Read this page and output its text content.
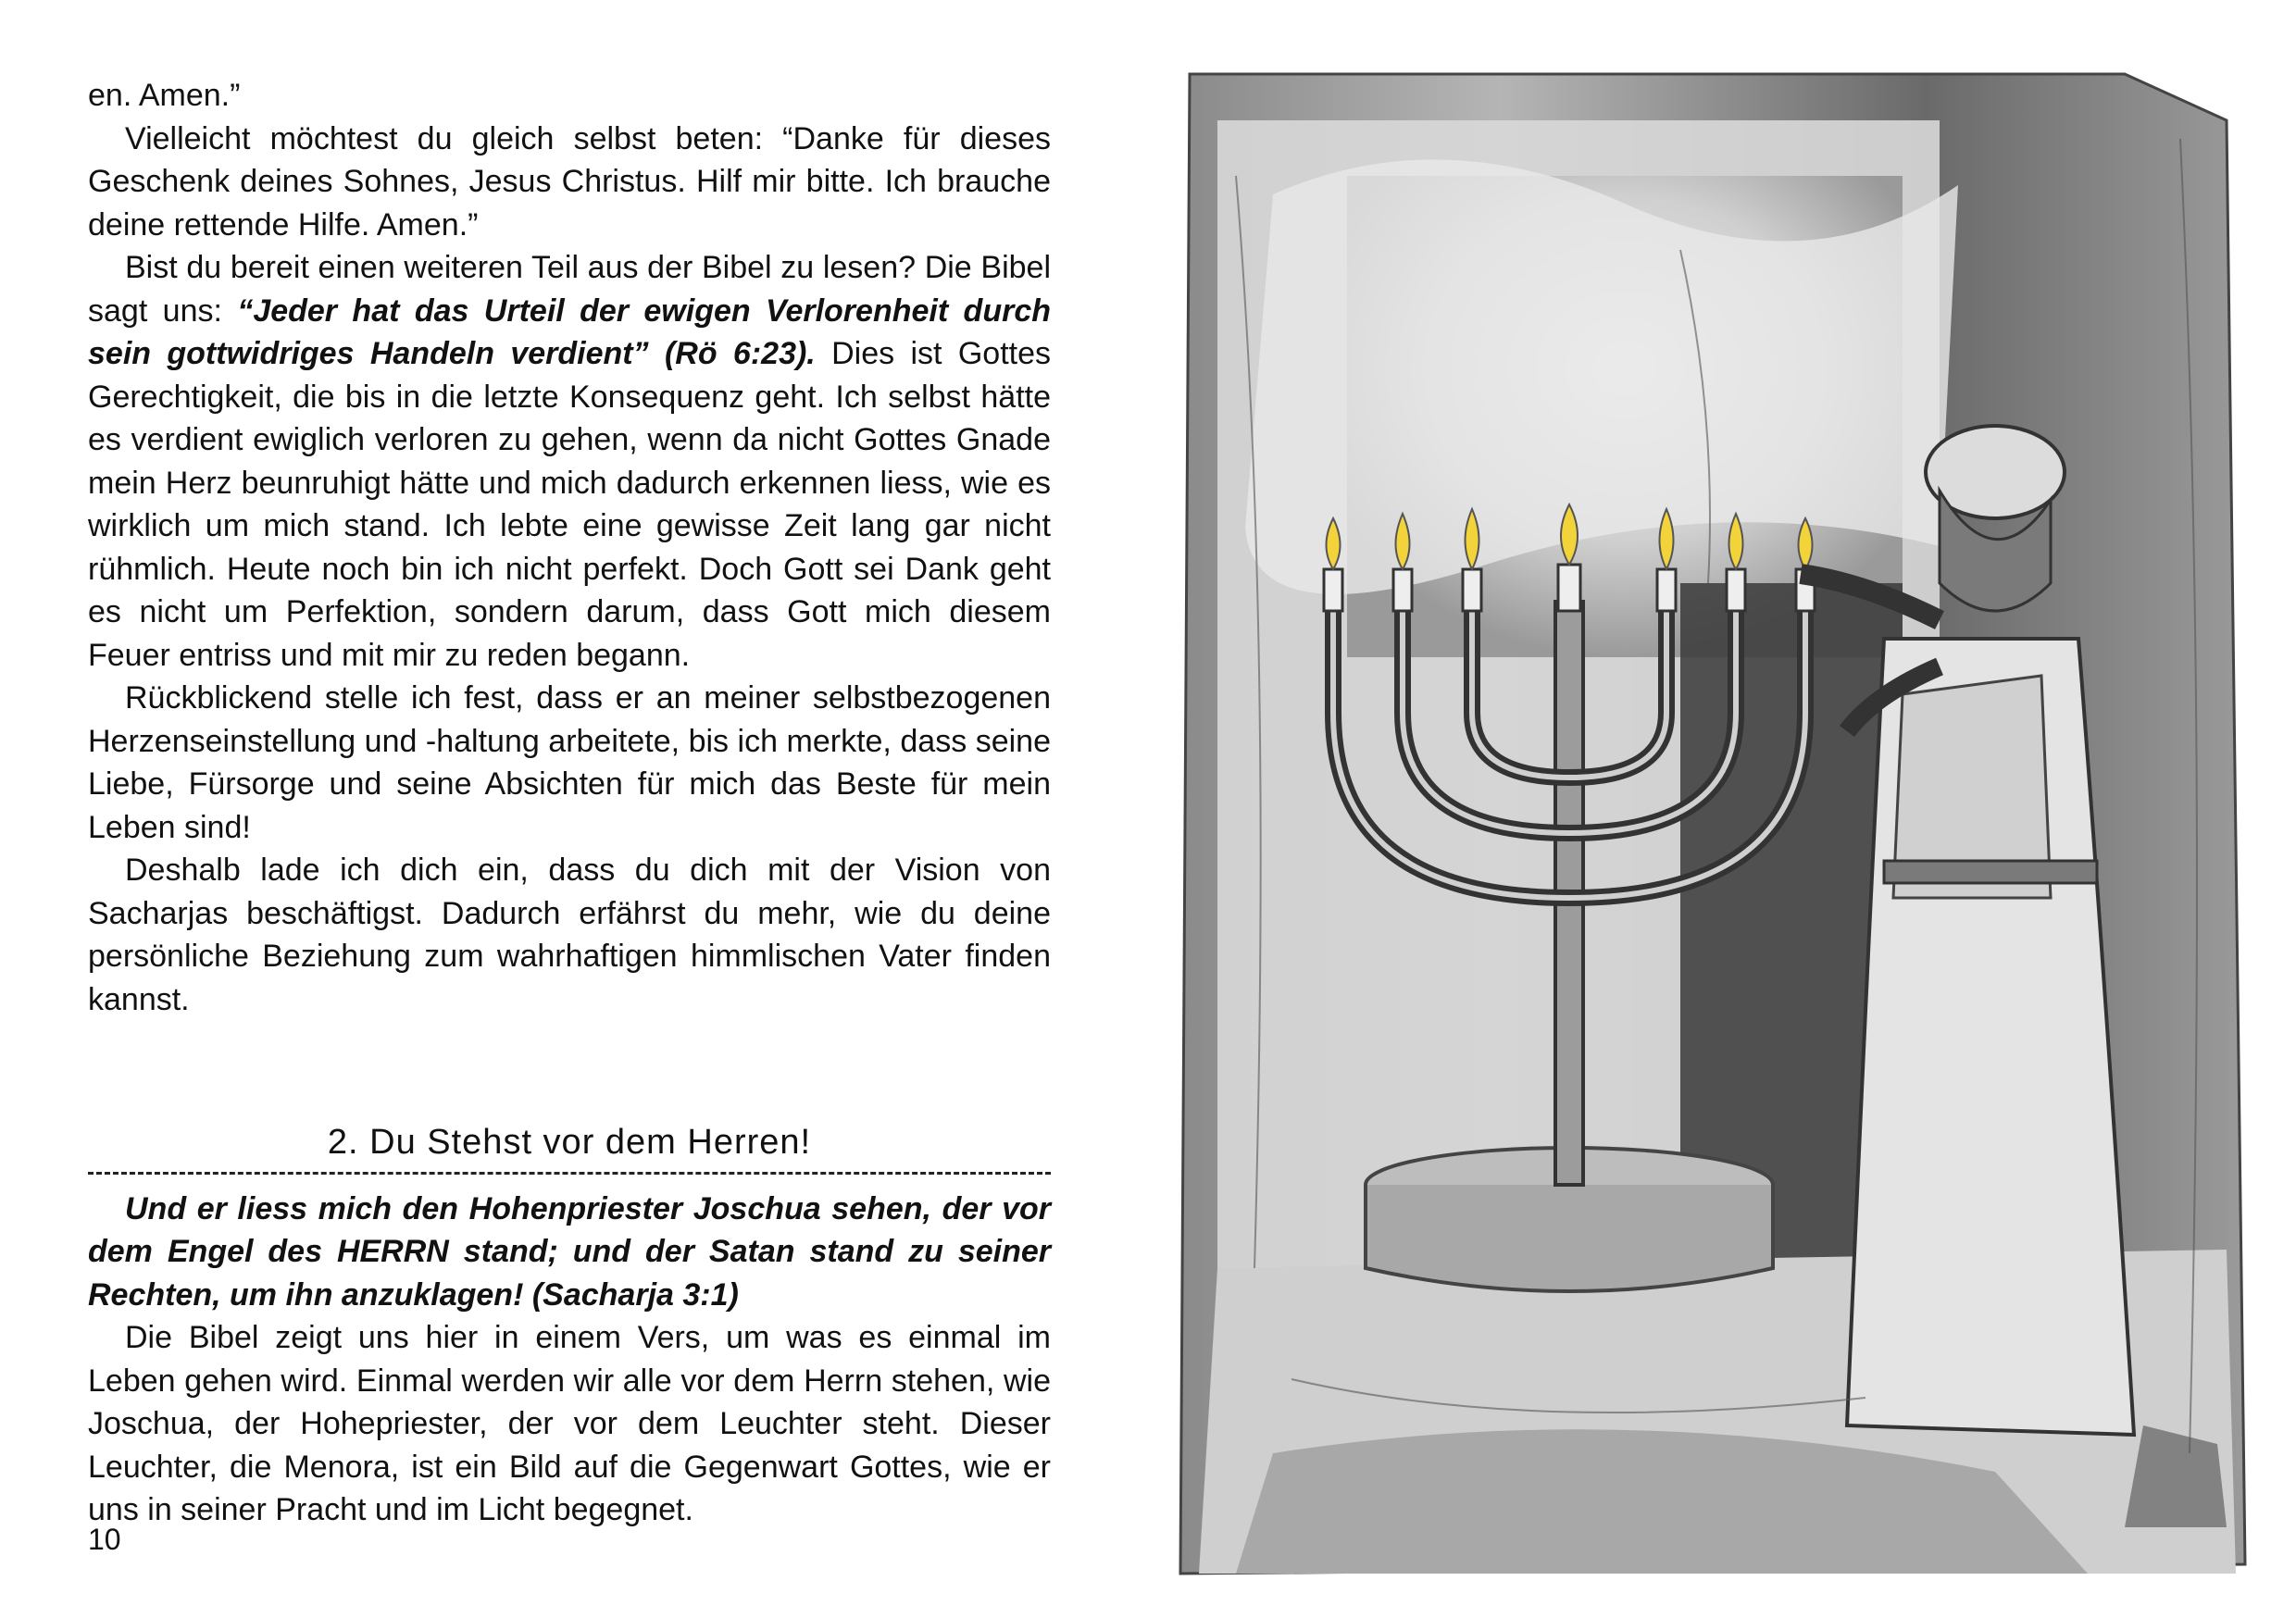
en. Amen.”

Vielleicht möchtest du gleich selbst beten: “Danke für dieses Geschenk deines Sohnes, Jesus Christus. Hilf mir bitte. Ich brauche deine rettende Hilfe. Amen.”

Bist du bereit einen weiteren Teil aus der Bibel zu lesen? Die Bibel sagt uns: “Jeder hat das Urteil der ewigen Verlorenheit durch sein gottwidriges Handeln verdient” (Rö 6:23). Dies ist Gottes Gerechtigkeit, die bis in die letzte Konsequenz geht. Ich selbst hätte es verdient ewiglich verloren zu gehen, wenn da nicht Gottes Gnade mein Herz beunruhigt hätte und mich dadurch erkennen liess, wie es wirklich um mich stand. Ich lebte eine gewisse Zeit lang gar nicht rühmlich. Heute noch bin ich nicht perfekt. Doch Gott sei Dank geht es nicht um Perfektion, sondern darum, dass Gott mich diesem Feuer entriss und mit mir zu reden begann.

Rückblickend stelle ich fest, dass er an meiner selbstbezogenen Herzenseinstellung und -haltung arbeitete, bis ich merkte, dass seine Liebe, Fürsorge und seine Absichten für mich das Beste für mein Leben sind!

Deshalb lade ich dich ein, dass du dich mit der Vision von Sacharjas beschäftigst. Dadurch erfährst du mehr, wie du deine persönliche Beziehung zum wahrhaftigen himmlischen Vater finden kannst.

2. Du Stehst vor dem Herren!

Und er liess mich den Hohenpriester Joschua sehen, der vor dem Engel des HERRN stand; und der Satan stand zu seiner Rechten, um ihn anzuklagen! (Sacharja 3:1)

Die Bibel zeigt uns hier in einem Vers, um was es einmal im Leben gehen wird. Einmal werden wir alle vor dem Herrn stehen, wie Joschua, der Hohepriester, der vor dem Leuchter steht. Dieser Leuchter, die Menora, ist ein Bild auf die Gegenwart Gottes, wie er uns in seiner Pracht und im Licht begegnet.

10
